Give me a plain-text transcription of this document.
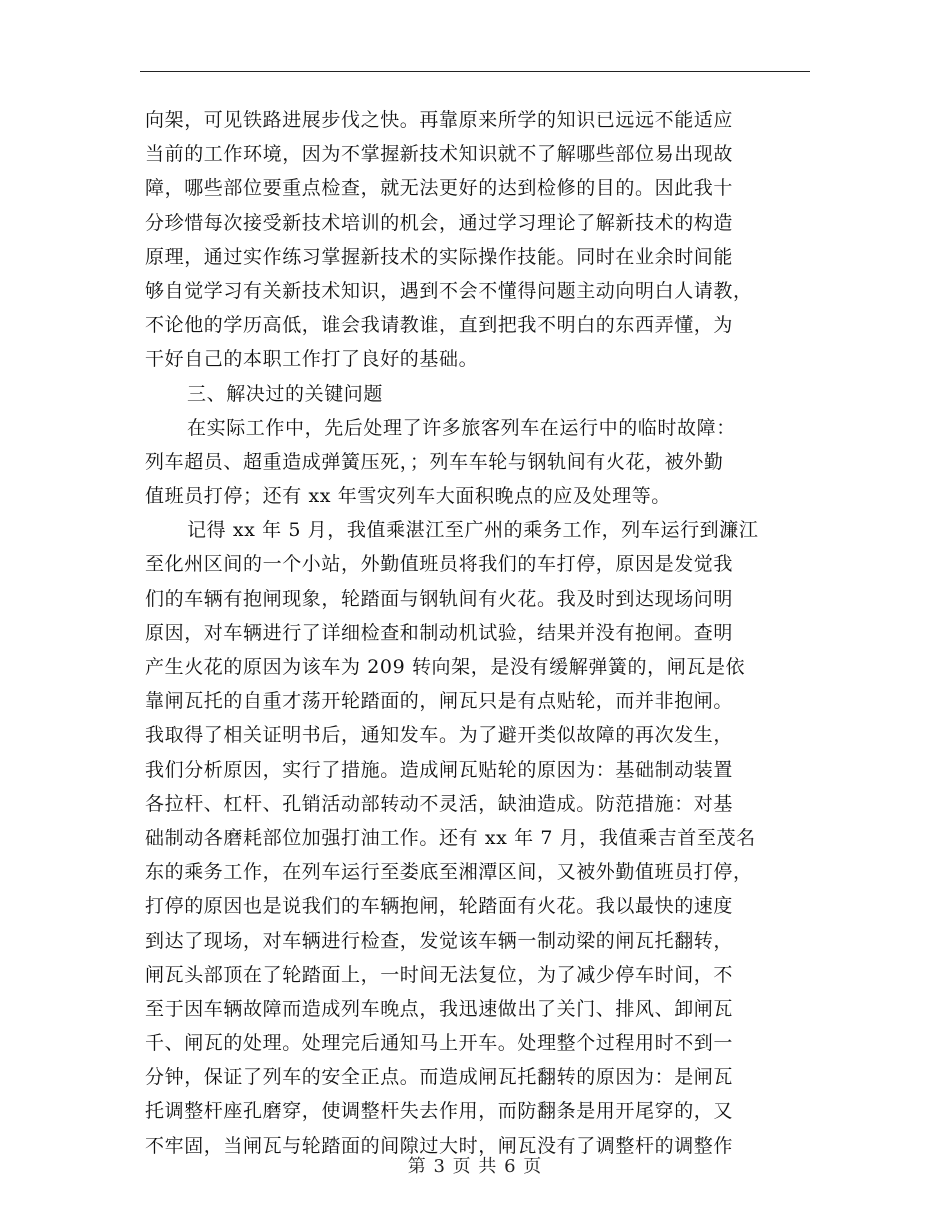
向架，可见铁路进展步伐之快。再靠原来所学的知识已远远不能适应
当前的工作环境，因为不掌握新技术知识就不了解哪些部位易出现故
障，哪些部位要重点检查，就无法更好的达到检修的目的。因此我十
分珍惜每次接受新技术培训的机会，通过学习理论了解新技术的构造
原理，通过实作练习掌握新技术的实际操作技能。同时在业余时间能
够自觉学习有关新技术知识，遇到不会不懂得问题主动向明白人请教，
不论他的学历高低，谁会我请教谁，直到把我不明白的东西弄懂，为
干好自己的本职工作打了良好的基础。
三、解决过的关键问题
在实际工作中，先后处理了许多旅客列车在运行中的临时故障：
列车超员、超重造成弹簧压死，；列车车轮与钢轨间有火花，被外勤
值班员打停；还有 xx 年雪灾列车大面积晚点的应及处理等。
记得 xx 年 5 月，我值乘湛江至广州的乘务工作，列车运行到濂江
至化州区间的一个小站，外勤值班员将我们的车打停，原因是发觉我
们的车辆有抱闸现象，轮踏面与钢轨间有火花。我及时到达现场问明
原因，对车辆进行了详细检查和制动机试验，结果并没有抱闸。查明
产生火花的原因为该车为 209 转向架，是没有缓解弹簧的，闸瓦是依
靠闸瓦托的自重才荡开轮踏面的，闸瓦只是有点贴轮，而并非抱闸。
我取得了相关证明书后，通知发车。为了避开类似故障的再次发生，
我们分析原因，实行了措施。造成闸瓦贴轮的原因为：基础制动装置
各拉杆、杠杆、孔销活动部转动不灵活，缺油造成。防范措施：对基
础制动各磨耗部位加强打油工作。还有 xx 年 7 月，我值乘吉首至茂名
东的乘务工作，在列车运行至娄底至湘潭区间，又被外勤值班员打停，
打停的原因也是说我们的车辆抱闸，轮踏面有火花。我以最快的速度
到达了现场，对车辆进行检查，发觉该车辆一制动梁的闸瓦托翻转，
闸瓦头部顶在了轮踏面上，一时间无法复位，为了减少停车时间，不
至于因车辆故障而造成列车晚点，我迅速做出了关门、排风、卸闸瓦
千、闸瓦的处理。处理完后通知马上开车。处理整个过程用时不到一
分钟，保证了列车的安全正点。而造成闸瓦托翻转的原因为：是闸瓦
托调整杆座孔磨穿，使调整杆失去作用，而防翻条是用开尾穿的，又
不牢固，当闸瓦与轮踏面的间隙过大时，闸瓦没有了调整杆的调整作
第 3 页 共 6 页
